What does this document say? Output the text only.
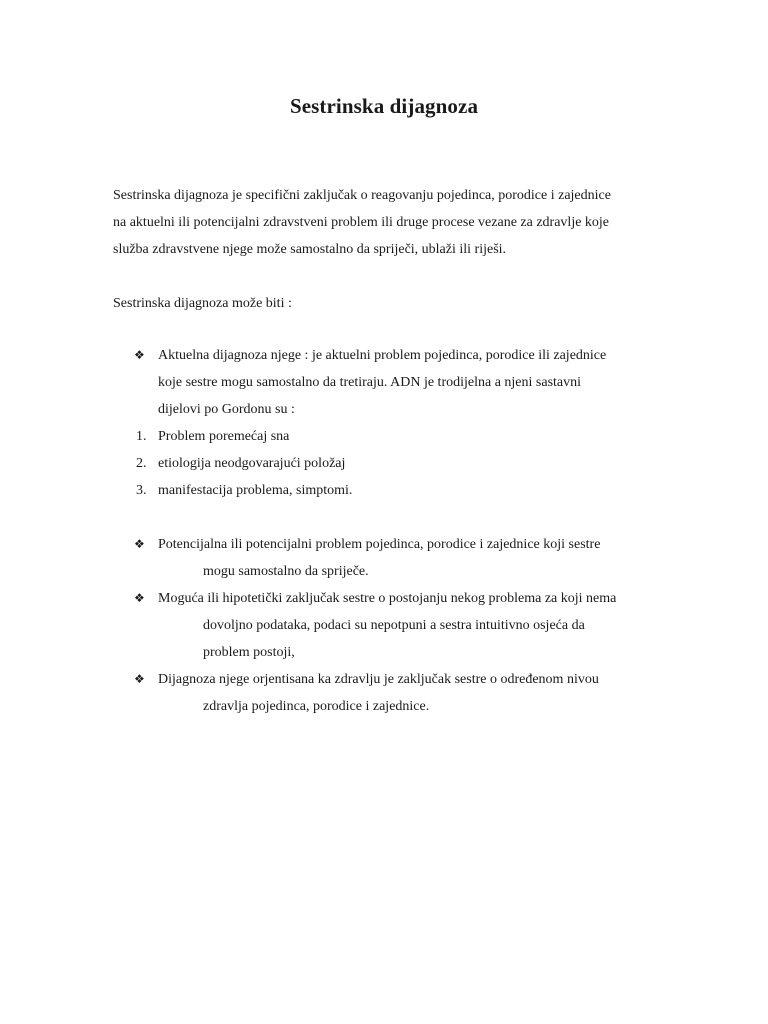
Sestrinska dijagnoza
Sestrinska dijagnoza je specifični zaključak o reagovanju pojedinca, porodice i zajednice
na aktuelni ili potencijalni zdravstveni problem ili druge procese vezane za zdravlje koje
služba zdravstvene njege može samostalno da spriječi, ublaži ili riješi.
Sestrinska dijagnoza može biti :
❖ Aktuelna dijagnoza njege : je aktuelni problem pojedinca, porodice ili zajednice
koje sestre mogu samostalno da tretiraju. ADN je trodijelna a njeni sastavni
dijelovi po Gordonu su :
1. Problem poremećaj sna
2. etiologija neodgovarajući položaj
3. manifestacija problema, simptomi.
❖ Potencijalna ili potencijalni problem pojedinca, porodice i zajednice koji sestre
mogu samostalno da spriječe.
❖ Moguća ili hipotetički zaključak sestre o postojanju nekog problema za koji nema
dovoljno podataka, podaci su nepotpuni a sestra intuitivno osjeća da
problem postoji,
❖ Dijagnoza njege orjentisana ka zdravlju je zaključak sestre o određenom nivou
zdravlja pojedinca, porodice i zajednice.
